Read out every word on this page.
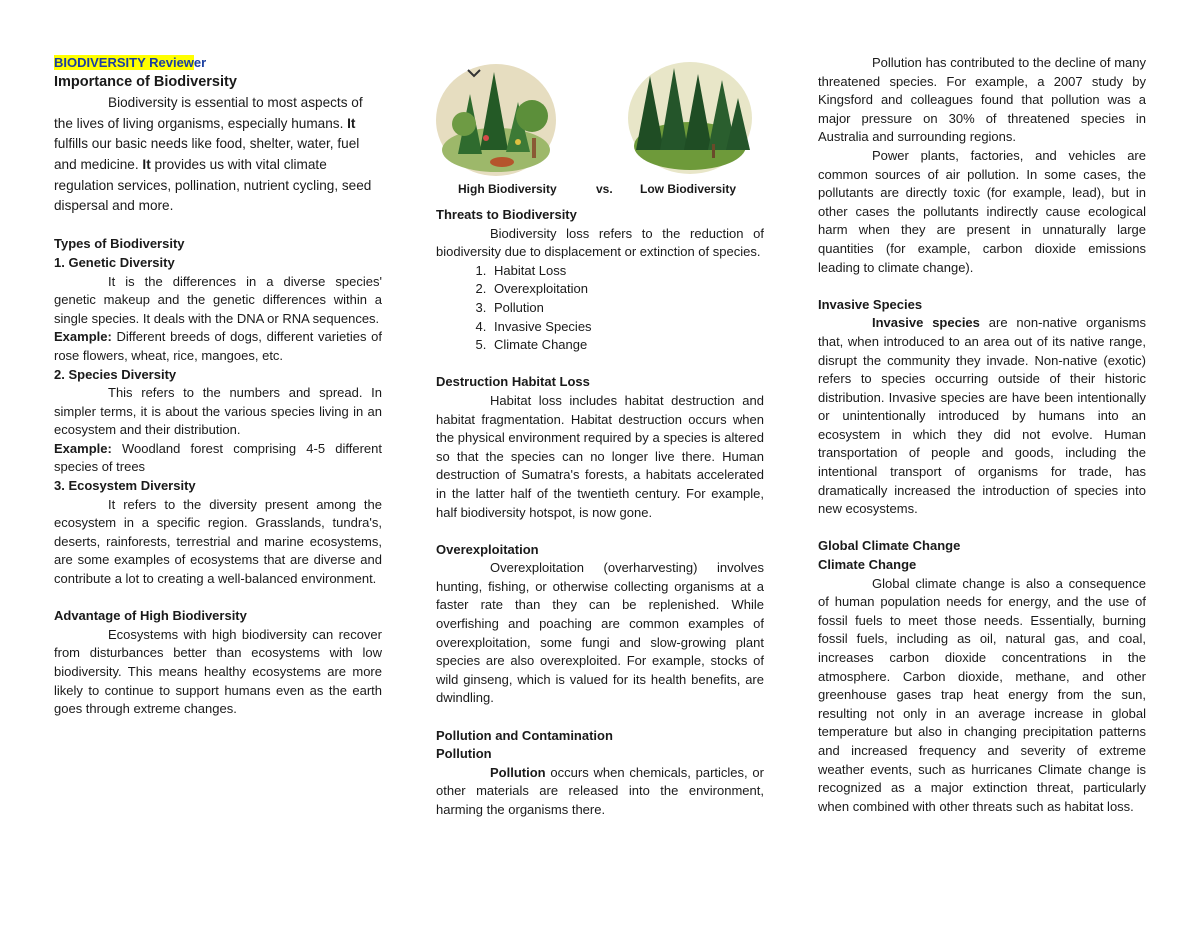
BIODIVERSITY Reviewer

Importance of Biodiversity

Biodiversity is essential to most aspects of the lives of living organisms, especially humans. It fulfills our basic needs like food, shelter, water, fuel and medicine. It provides us with vital climate regulation services, pollination, nutrient cycling, seed dispersal and more.

Types of Biodiversity

1. Genetic Diversity

It is the differences in a diverse species' genetic makeup and the genetic differences within a single species. It deals with the DNA or RNA sequences.

Example: Different breeds of dogs, different varieties of rose flowers, wheat, rice, mangoes, etc.

2. Species Diversity

This refers to the numbers and spread. In simpler terms, it is about the various species living in an ecosystem and their distribution.

Example: Woodland forest comprising 4-5 different species of trees

3. Ecosystem Diversity

It refers to the diversity present among the ecosystem in a specific region. Grasslands, tundra's, deserts, rainforests, terrestrial and marine ecosystems, are some examples of ecosystems that are diverse and contribute a lot to creating a well-balanced environment.

Advantage of High Biodiversity

Ecosystems with high biodiversity can recover from disturbances better than ecosystems with low biodiversity. This means healthy ecosystems are more likely to continue to support humans even as the earth goes through extreme changes.

High Biodiversity	vs. Low Biodiversity

Threats to Biodiversity

Biodiversity loss refers to the reduction of biodiversity due to displacement or extinction of species.

1. Habitat Loss
2. Overexploitation
3. Pollution
4. Invasive Species
5. Climate Change

Destruction Habitat Loss

Habitat loss includes habitat destruction and habitat fragmentation. Habitat destruction occurs when the physical environment required by a species is altered so that the species can no longer live there. Human destruction of Sumatra's forests, a habitats accelerated in the latter half of the twentieth century. For example, half biodiversity hotspot, is now gone.

Overexploitation

Overexploitation (overharvesting) involves hunting, fishing, or otherwise collecting organisms at a faster rate than they can be replenished. While overfishing and poaching are common examples of overexploitation, some fungi and slow-growing plant species are also overexploited. For example, stocks of wild ginseng, which is valued for its health benefits, are dwindling.

Pollution and Contamination

Pollution

Pollution occurs when chemicals, particles, or other materials are released into the environment, harming the organisms there.

Pollution has contributed to the decline of many threatened species. For example, a 2007 study by Kingsford and colleagues found that pollution was a major pressure on 30% of threatened species in Australia and surrounding regions.

Power plants, factories, and vehicles are common sources of air pollution. In some cases, the pollutants are directly toxic (for example, lead), but in other cases the pollutants indirectly cause ecological harm when they are present in unnaturally large quantities (for example, carbon dioxide emissions leading to climate change).

Invasive Species

Invasive species are non-native organisms that, when introduced to an area out of its native range, disrupt the community they invade. Non-native (exotic) refers to species occurring outside of their historic distribution. Invasive species are have been intentionally or unintentionally introduced by humans into an ecosystem in which they did not evolve. Human transportation of people and goods, including the intentional transport of organisms for trade, has dramatically increased the introduction of species into new ecosystems.

Global Climate Change

Climate Change

Global climate change is also a consequence of human population needs for energy, and the use of fossil fuels to meet those needs. Essentially, burning fossil fuels, including as oil, natural gas, and coal, increases carbon dioxide concentrations in the atmosphere. Carbon dioxide, methane, and other greenhouse gases trap heat energy from the sun, resulting not only in an average increase in global temperature but also in changing precipitation patterns and increased frequency and severity of extreme weather events, such as hurricanes Climate change is recognized as a major extinction threat, particularly when combined with other threats such as habitat loss.
